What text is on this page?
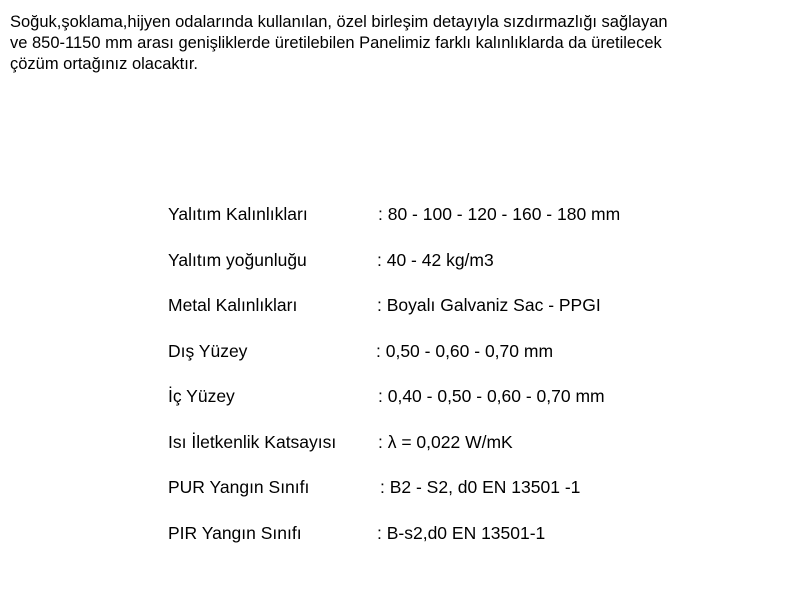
Soğuk,şoklama,hijyen odalarında kullanılan, özel birleşim detayıyla sızdırmazlığı sağlayan
ve 850-1150 mm arası genişliklerde üretilebilen Panelimiz farklı kalınlıklarda da üretilecek
çözüm ortağınız olacaktır.

Yalıtım Kalınlıkları	: 80 - 100 - 120 - 160 - 180 mm
Yalıtım yoğunluğu	: 40 - 42 kg/m3
Metal Kalınlıkları	: Boyalı Galvaniz Sac - PPGI
Dış Yüzey	: 0,50 - 0,60 - 0,70 mm
İç Yüzey	: 0,40 - 0,50 - 0,60 - 0,70 mm
Isı İletkenlik Katsayısı : λ = 0,022 W/mK
PUR Yangın Sınıfı	: B2 - S2, d0 EN 13501 -1
PIR Yangın Sınıfı	: B-s2,d0 EN 13501-1
